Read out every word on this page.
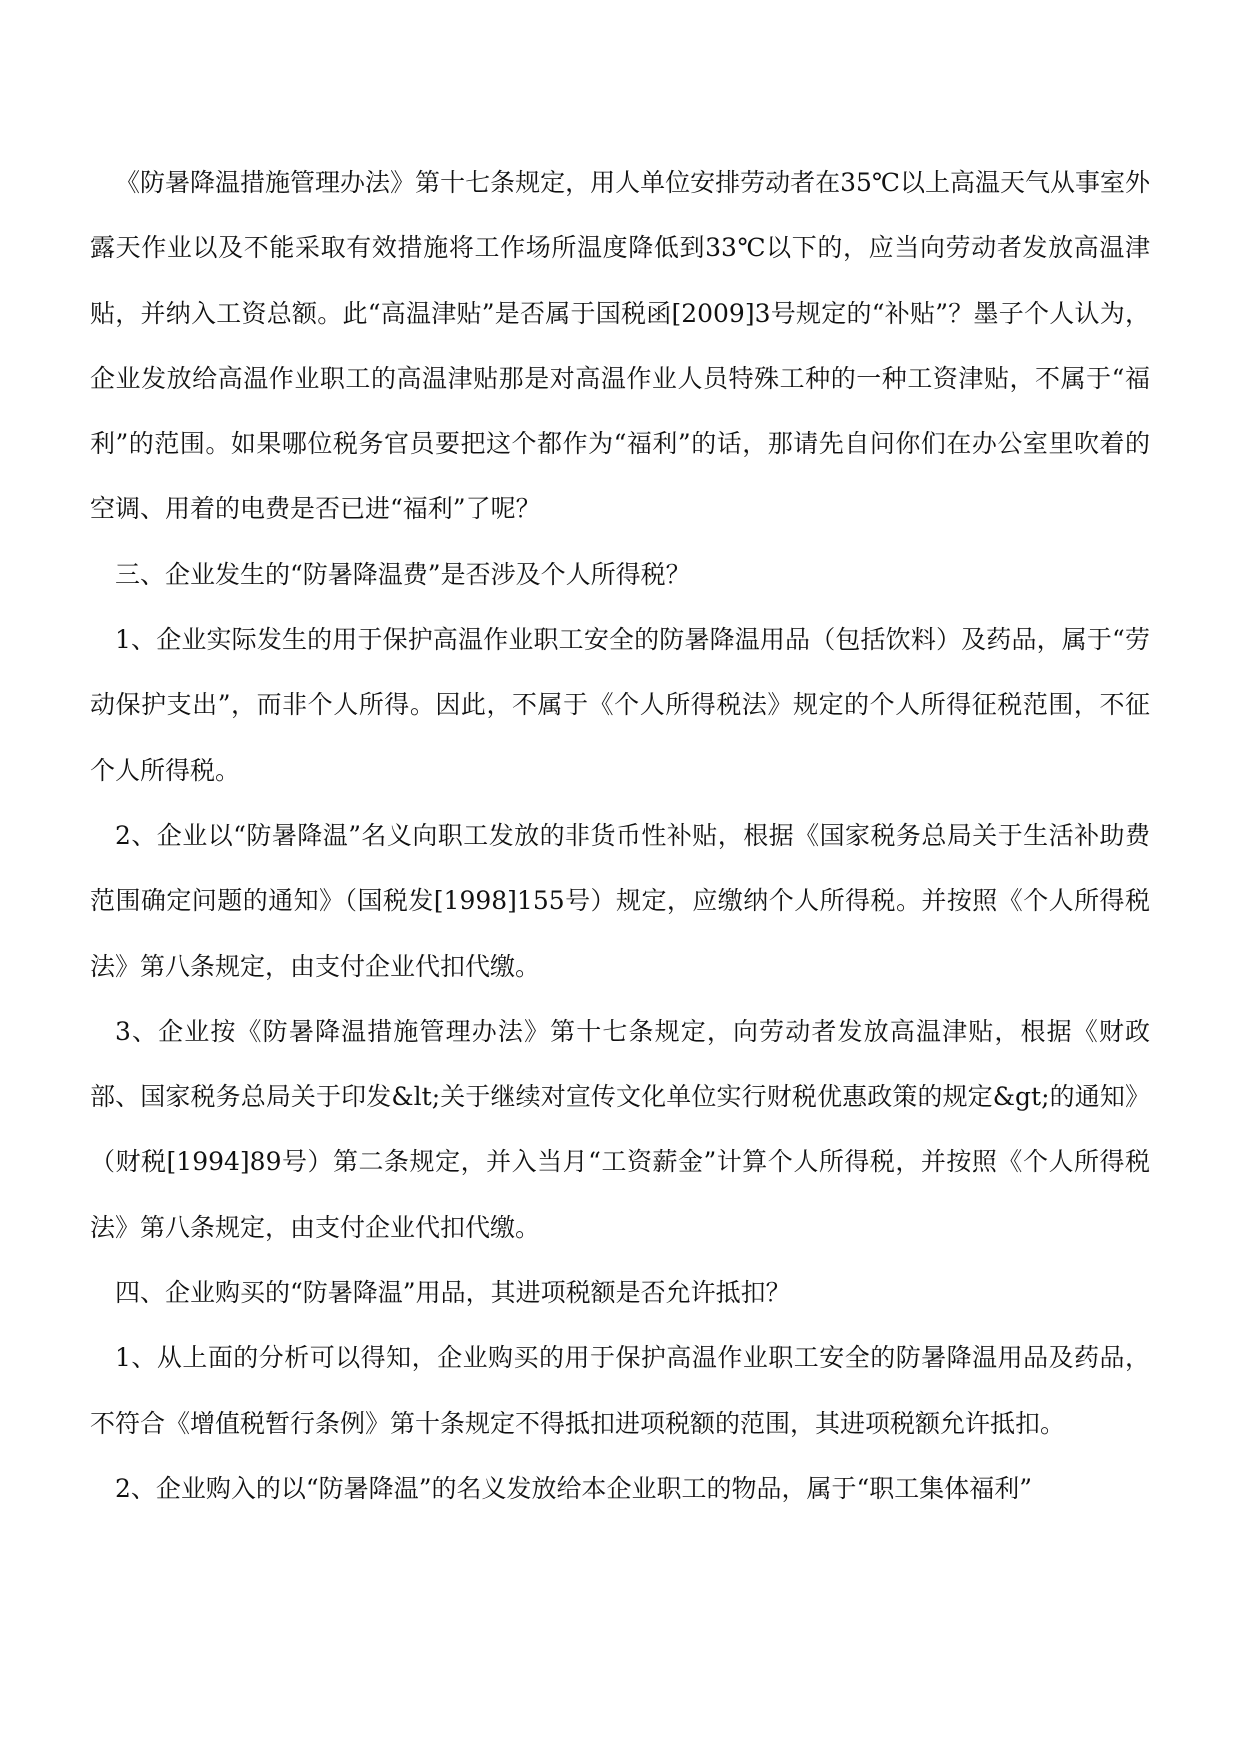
《防暑降温措施管理办法》第十七条规定，用人单位安排劳动者在35℃以上高温天气从事室外露天作业以及不能采取有效措施将工作场所温度降低到33℃以下的，应当向劳动者发放高温津贴，并纳入工资总额。此“高温津贴”是否属于国税函[2009]3号规定的“补贴”？墨子个人认为，企业发放给高温作业职工的高温津贴那是对高温作业人员特殊工种的一种工资津贴，不属于“福利”的范围。如果哪位税务官员要把这个都作为“福利”的话，那请先自问你们在办公室里吹着的空调、用着的电费是否已进“福利”了呢？

三、企业发生的“防暑降温费”是否涉及个人所得税？

1、企业实际发生的用于保护高温作业职工安全的防暑降温用品（包括饮料）及药品，属于“劳动保护支出”，而非个人所得。因此，不属于《个人所得税法》规定的个人所得征税范围，不征个人所得税。

2、企业以“防暑降温”名义向职工发放的非货币性补贴，根据《国家税务总局关于生活补助费范围确定问题的通知》（国税发[1998]155号）规定，应缴纳个人所得税。并按照《个人所得税法》第八条规定，由支付企业代扣代缴。

3、企业按《防暑降温措施管理办法》第十七条规定，向劳动者发放高温津贴，根据《财政部、国家税务总局关于印发&lt;关于继续对宣传文化单位实行财税优惠政策的规定&gt;的通知》（财税[1994]89号）第二条规定，并入当月“工资薪金”计算个人所得税，并按照《个人所得税法》第八条规定，由支付企业代扣代缴。

四、企业购买的“防暑降温”用品，其进项税额是否允许抵扣？

1、从上面的分析可以得知，企业购买的用于保护高温作业职工安全的防暑降温用品及药品，不符合《增值税暂行条例》第十条规定不得抵扣进项税额的范围，其进项税额允许抵扣。

2、企业购入的以“防暑降温”的名义发放给本企业职工的物品，属于“职工集体福利”
